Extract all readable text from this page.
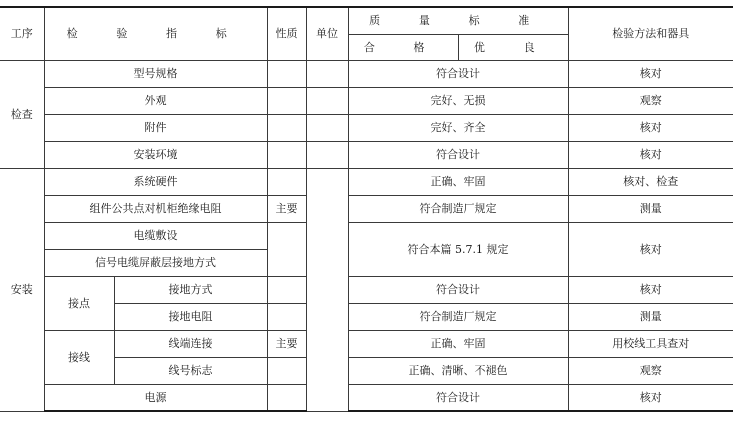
工序	检 验 指 标		性质	单位	质 量 标 准		检验方法和器具
					合 格	优 良	
检查	型号规格				符合设计		核对
	外观				完好、无损		观察
	附件				完好、齐全		核对
	安装环境				符合设计		核对
安装	系统硬件				正确、牢固		核对、检查
	组件公共点对机柜绝缘电阻		主要		符合制造厂规定		测量
	电缆敷设				符合本篇 5.7.1 规定		核对
	信号电缆屏蔽层接地方式						
	接点	接地方式			符合设计		核对
		接地电阻			符合制造厂规定		测量
	接线	线端连接	主要		正确、牢固		用校线工具查对
		线号标志			正确、清晰、不褪色		观察
	电源				符合设计		核对
